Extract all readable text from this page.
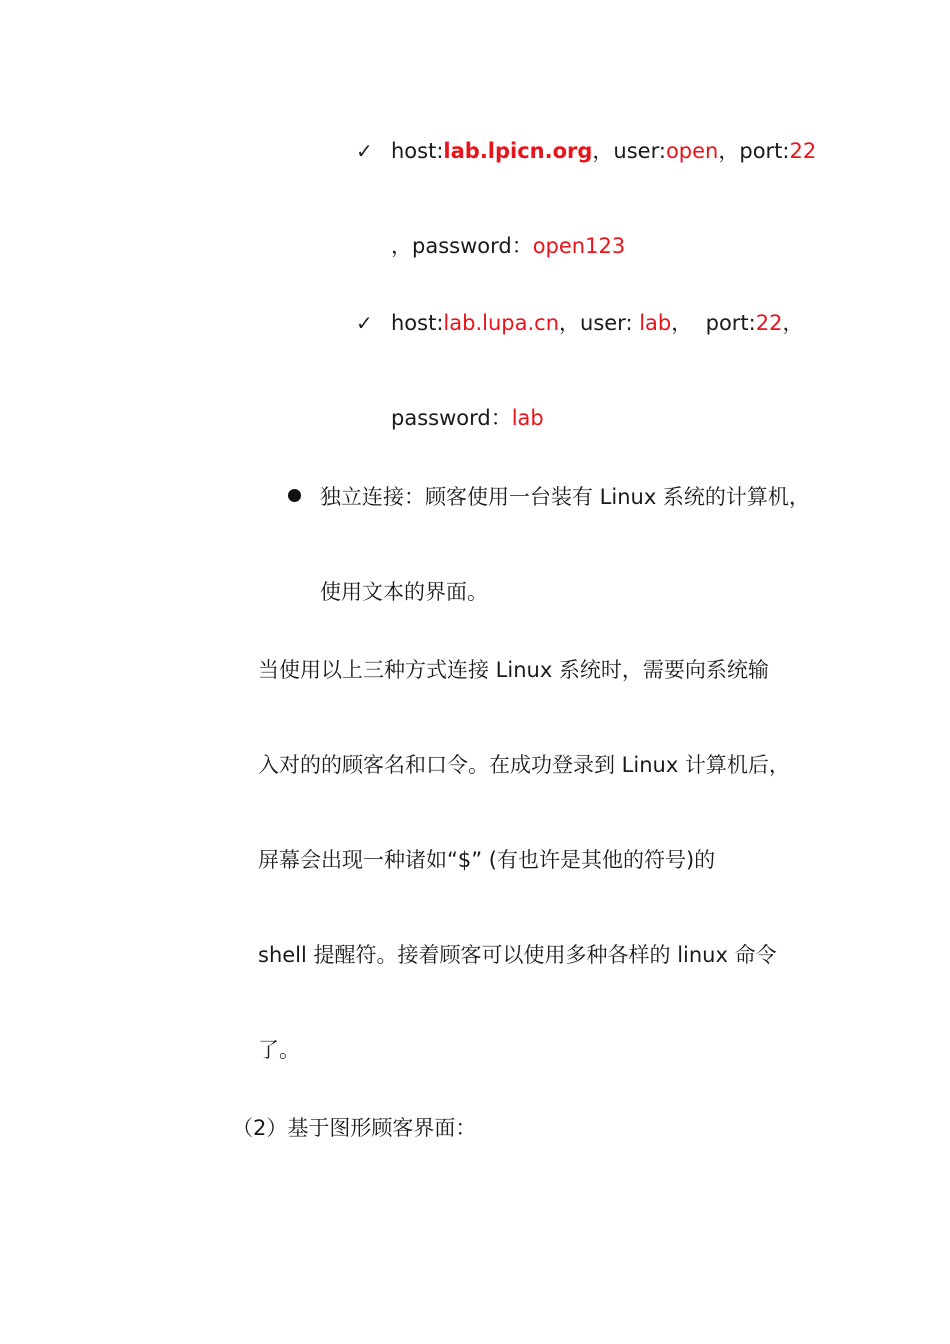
✓ host:lab.lpicn.org，user:open，port:22
，password：open123
✓ host:lab.lupa.cn，user: lab，  port:22，
password：lab
独立连接：顾客使用一台装有 Linux 系统的计算机，
使用文本的界面。
当使用以上三种方式连接 Linux 系统时，需要向系统输
入对的的顾客名和口令。在成功登录到 Linux 计算机后，
屏幕会出现一种诸如“$” (有也许是其他的符号)的
shell 提醒符。接着顾客可以使用多种各样的 linux 命令
了。
（2）基于图形顾客界面：
